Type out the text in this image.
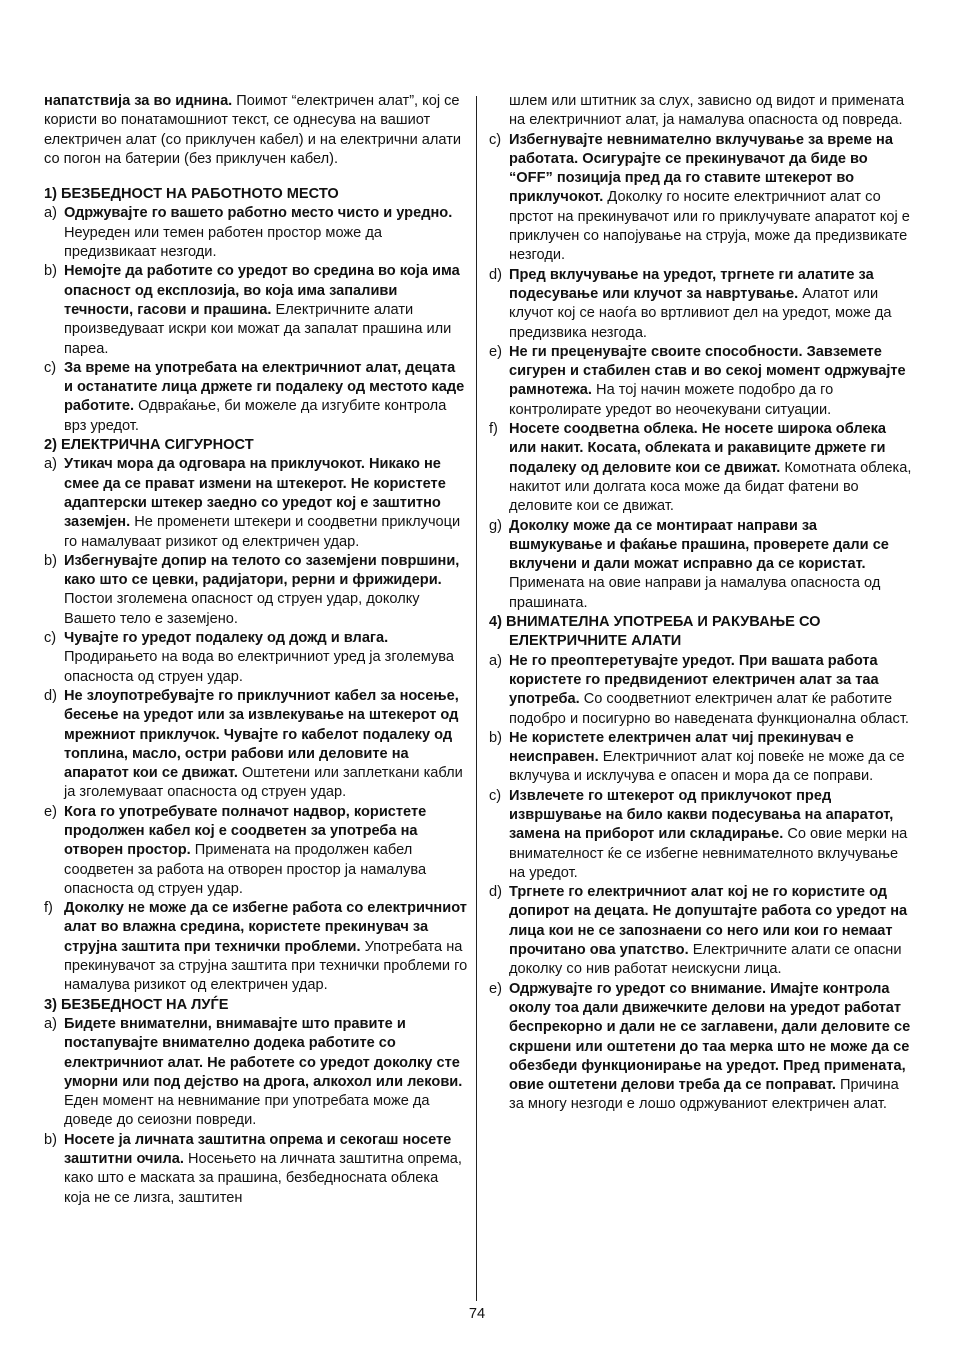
напатствија за во иднина. Поимот “електричен алат”, кој се користи во понатамошниот текст, се однесува на вашиот електричен алат (со приклучен кабел) и на електрични алати со погон на батерии (без приклучен кабел).

1) БЕЗБЕДНОСТ НА РАБОТНОТО МЕСТО

a) Одржувајте го вашето работно место чисто и уредно. Неуреден или темен работен простор може да предизвикаат незгоди.
b) Немојте да работите со уредот во средина во која има опасност од експлозија, во која има запаливи течности, гасови и прашина. Електричните алати произведуваат искри кои можат да запалат прашина или пареа.
c) За време на употребата на електричниот алат, децата и останатите лица држете ги подалеку од местото каде работите. Одвраќање, би можеле да изгубите контрола врз уредот.

2) ЕЛЕКТРИЧНА СИГУРНОСТ

a) Утикач мора да одговара на приклучокот. Никако не смее да се прават измени на штекерот. Не користете адаптерски штекер заедно со уредот кој е заштитно заземјен. Не променети штекери и соодветни приклучоци го намалуваат ризикот од електричен удар.
b) Избегнувајте допир на телото со заземјени површини, како што се цевки, радијатори, рерни и фрижидери. Постои зголемена опасност од струен удар, доколку Вашето тело е заземјено.
c) Чувајте го уредот подалеку од дожд и влага. Продирањето на вода во електричниот уред ја зголемува опасноста од струен удар.
d) Не злоупотребувајте го приклучниот кабел за носење, бесење на уредот или за извлекување на штекерот од мрежниот приклучок. Чувајте го кабелот подалеку од топлина, масло, остри рабови или деловите на апаратот кои се движат. Оштетени или заплеткани кабли ја зголемуваат опасноста од струен удар.
e) Кога го употребувате полначот надвор, користете продолжен кабел кој е соодветен за употреба на отворен простор. Примената на продолжен кабел соодветен за работа на отворен простор ја намалува опасноста од струен удар.
f) Доколку не може да се избегне работа со електричниот алат во влажна средина, користете прекинувач за струјна заштита при технички проблеми. Употребата на прекинувачот за струјна заштита при технички проблеми го намалува ризикот од електричен удар.

3) БЕЗБЕДНОСТ НА ЛУЃЕ

a) Бидете внимателни, внимавајте што правите и постапувајте внимателно додека работите со електричниот алат. Не работете со уредот доколку сте уморни или под дејство на дрога, алкохол или лекови. Еден момент на невнимание при употребата може да доведе до сеиозни повреди.
b) Носете ја личната заштитна опрема и секогаш носете заштитни очила. Носењето на личната заштитна опрема, како што е маската за прашина, безбедносната облека која не се лизга, заштитен
шлем или штитник за слух, зависно од видот и примената на електричниот алат, ја намалува опасноста од повреда.
c) Избегнувајте невнимателно вклучување за време на работата. Осигурајте се прекинувачот да биде во “OFF” позиција пред да го ставите штекерот во приклучокот. Доколку го носите електричниот алат со прстот на прекинувачот или го приклучувате апаратот кој е приклучен со напојување на струја, може да предизвикате незгоди.
d) Пред вклучување на уредот, тргнете ги алатите за подесување или клучот за навртување. Алатот или клучот кој се наоѓа во вртливиот дел на уредот, може да предизвика незгода.
e) Не ги преценувајте своите способности. Завземете сигурен и стабилен став и во секој момент одржувајте рамнотежа. На тој начин можете подобро да го контролирате уредот во неочекувани ситуации.
f) Носете соодветна облека. Не носете широка облека или накит. Косата, облеката и ракавиците држете ги подалеку од деловите кои се движат. Комотната облека, накитот или долгата коса може да бидат фатени во деловите кои се движат.
g) Доколку може да се монтираат направи за вшмукување и фаќање прашина, проверете дали се вклучени и дали можат исправно да се користат. Примената на овие направи ја намалува опасноста од прашината.

4) ВНИМАТЕЛНА УПОТРЕБА И РАКУВАЊЕ СО
ЕЛЕКТРИЧНИТЕ АЛАТИ

a) Не го преоптеретувајте уредот. При вашата работа користете го предвидениот електричен алат за таа употреба. Со соодветниот електричен алат ќе работите подобро и посигурно во наведената функционална област.
b) Не користете електричен алат чиј прекинувач е неисправен. Електричниот алат кој повеќе не може да се вклучува и исклучува е опасен и мора да се поправи.
c) Извлечете го штекерот од приклучокот пред извршување на било какви подесувања на апаратот, замена на приборот или складирање. Со овие мерки на внимателност ќе се избегне невнимателното вклучување на уредот.
d) Тргнете го електричниот алат кој не го користите од допирот на децата. Не допуштајте работа со уредот на лица кои не се запознаени со него или кои го немаат прочитано ова упатство. Електричните алати се опасни доколку со нив работат неискусни лица.
e) Одржувајте го уредот со внимание. Имајте контрола околу тоа дали движечките делови на уредот работат беспрекорно и дали не се заглавени, дали деловите се скршени или оштетени до таа мерка што не може да се обезбеди функционирање на уредот. Пред примената, овие оштетени делови треба да се поправат. Причина за многу незгоди е лошо одржуваниот електричен алат.
74
